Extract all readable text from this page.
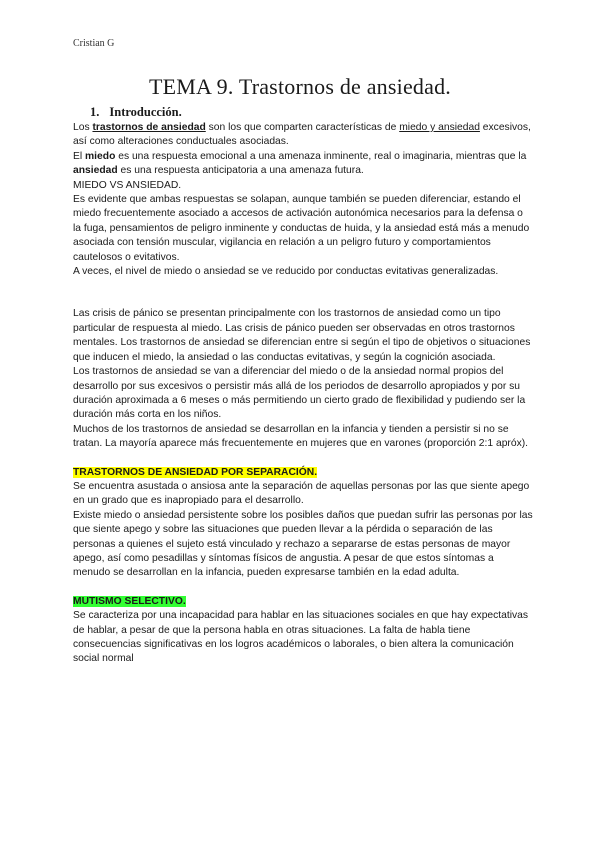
Cristian G
TEMA 9. Trastornos de ansiedad.
1. Introducción.

Los trastornos de ansiedad son los que comparten características de miedo y ansiedad excesivos, así como alteraciones conductuales asociadas.

El miedo es una respuesta emocional a una amenaza inminente, real o imaginaria, mientras que la ansiedad es una respuesta anticipatoria a una amenaza futura.

MIEDO VS ANSIEDAD.

Es evidente que ambas respuestas se solapan, aunque también se pueden diferenciar, estando el miedo frecuentemente asociado a accesos de activación autonómica necesarios para la defensa o la fuga, pensamientos de peligro inminente y conductas de huida, y la ansiedad está más a menudo asociada con tensión muscular, vigilancia en relación a un peligro futuro y comportamientos cautelosos o evitativos.

A veces, el nivel de miedo o ansiedad se ve reducido por conductas evitativas generalizadas.

Las crisis de pánico se presentan principalmente con los trastornos de ansiedad como un tipo particular de respuesta al miedo. Las crisis de pánico pueden ser observadas en otros trastornos mentales. Los trastornos de ansiedad se diferencian entre si según el tipo de objetivos o situaciones que inducen el miedo, la ansiedad o las conductas evitativas, y según la cognición asociada.

Los trastornos de ansiedad se van a diferenciar del miedo o de la ansiedad normal propios del desarrollo por sus excesivos o persistir más allá de los periodos de desarrollo apropiados y por su duración aproximada a 6 meses o más permitiendo un cierto grado de flexibilidad y pudiendo ser la duración más corta en los niños.

Muchos de los trastornos de ansiedad se desarrollan en la infancia y tienden a persistir si no se tratan. La mayoría aparece más frecuentemente en mujeres que en varones (proporción 2:1 apróx).

TRASTORNOS DE ANSIEDAD POR SEPARACIÓN.

Se encuentra asustada o ansiosa ante la separación de aquellas personas por las que siente apego en un grado que es inapropiado para el desarrollo.

Existe miedo o ansiedad persistente sobre los posibles daños que puedan sufrir las personas por las que siente apego y sobre las situaciones que pueden llevar a la pérdida o separación de las personas a quienes el sujeto está vinculado y rechazo a separarse de estas personas de mayor apego, así como pesadillas y síntomas físicos de angustia. A pesar de que estos síntomas a menudo se desarrollan en la infancia, pueden expresarse también en la edad adulta.

MUTISMO SELECTIVO.

Se caracteriza por una incapacidad para hablar en las situaciones sociales en que hay expectativas de hablar, a pesar de que la persona habla en otras situaciones. La falta de habla tiene consecuencias significativas en los logros académicos o laborales, o bien altera la comunicación social normal
